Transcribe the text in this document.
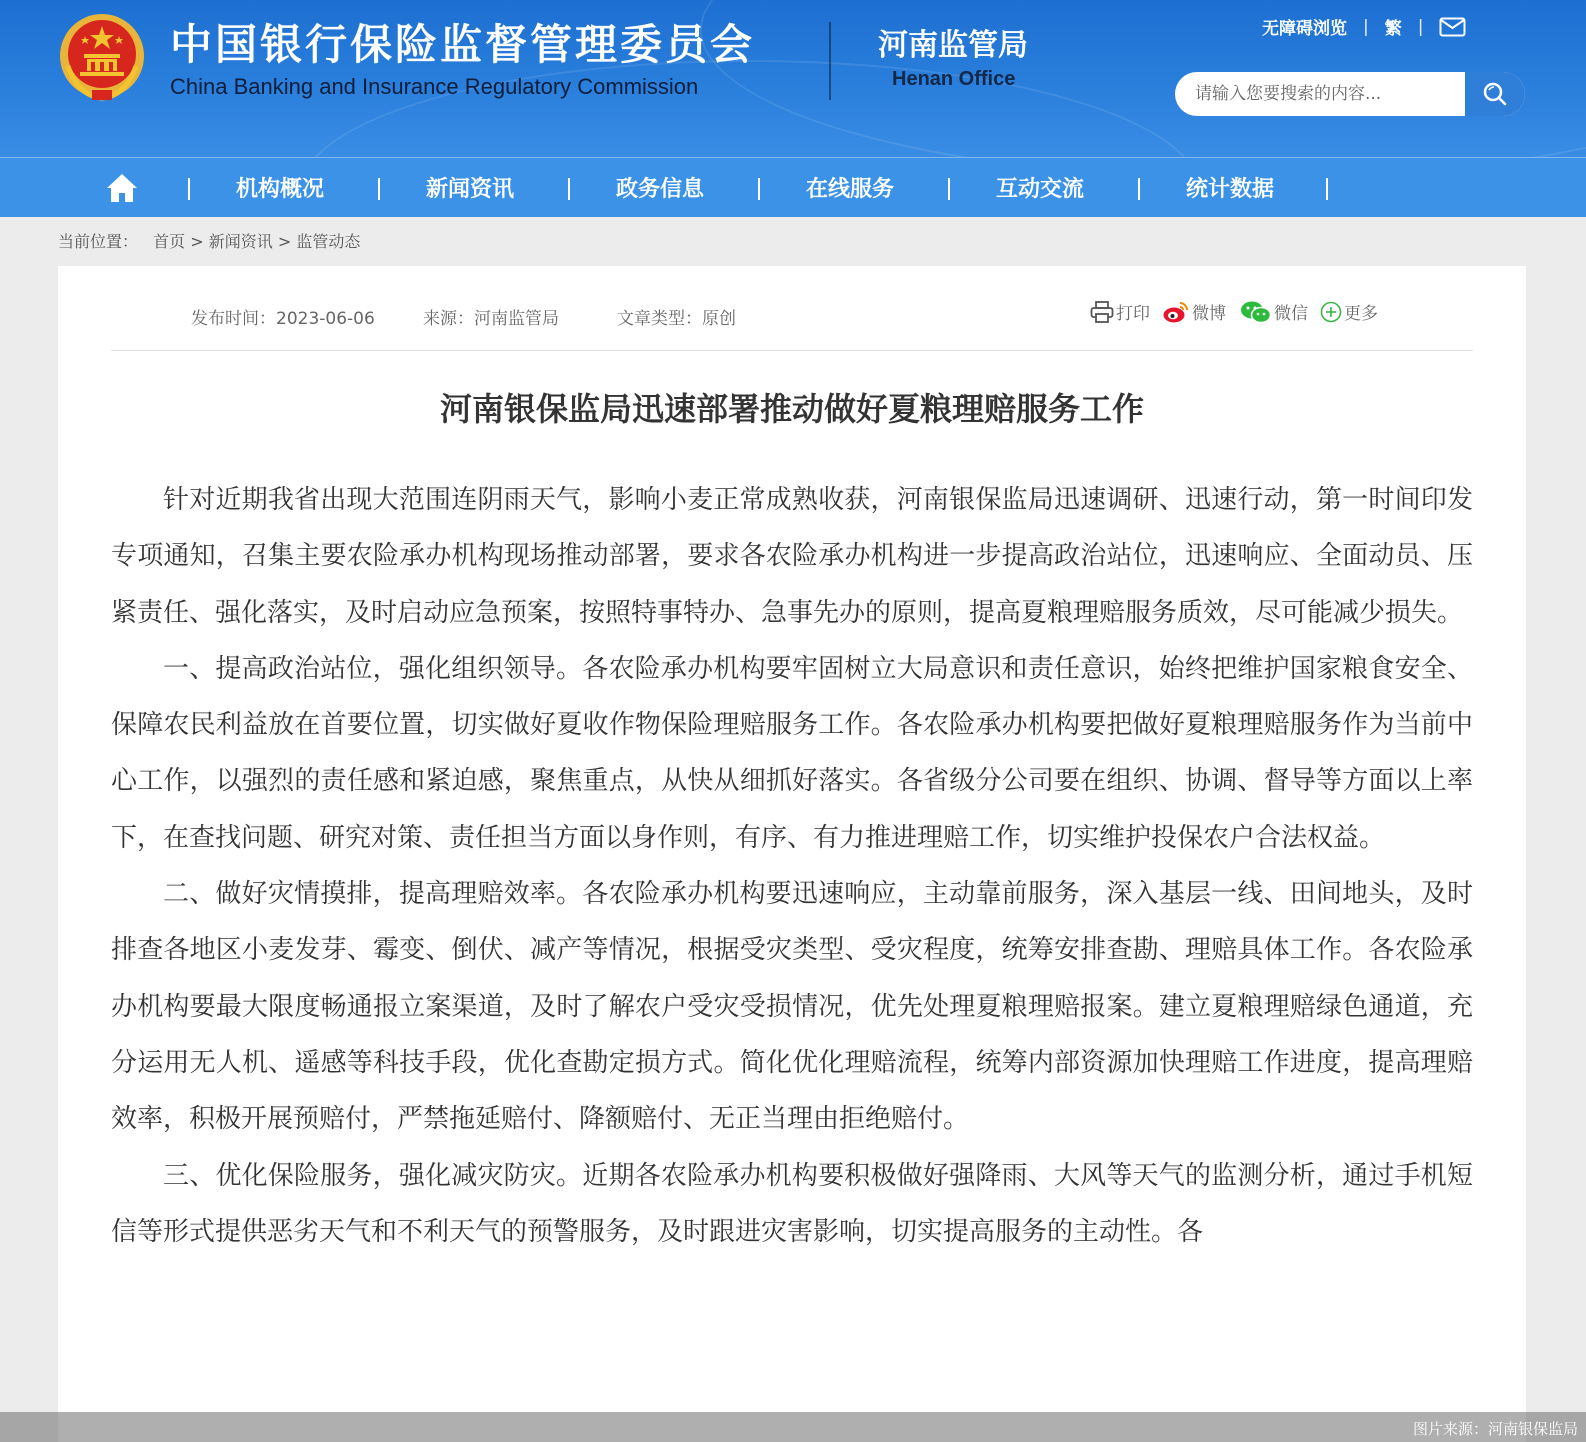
中国银行保险监督管理委员会
China Banking and Insurance Regulatory Commission
河南监管局
Henan Office
无障碍浏览 | 繁 |
请输入您要搜索的内容...
机构概况	新闻资讯	政务信息	在线服务	互动交流	统计数据
当前位置： 首页 > 新闻资讯 > 监管动态
发布时间：2023-06-06	来源：河南监管局	文章类型：原创	打印 微博	微信 更多
河南银保监局迅速部署推动做好夏粮理赔服务工作

针对近期我省出现大范围连阴雨天气，影响小麦正常成熟收获，河南银保监局迅速调研、迅速行动，第一时间印发专项通知，召集主要农险承办机构现场推动部署，要求各农险承办机构进一步提高政治站位，迅速响应、全面动员、压紧责任、强化落实，及时启动应急预案，按照特事特办、急事先办的原则，提高夏粮理赔服务质效，尽可能减少损失。

一、提高政治站位，强化组织领导。各农险承办机构要牢固树立大局意识和责任意识，始终把维护国家粮食安全、保障农民利益放在首要位置，切实做好夏收作物保险理赔服务工作。各农险承办机构要把做好夏粮理赔服务作为当前中心工作，以强烈的责任感和紧迫感，聚焦重点，从快从细抓好落实。各省级分公司要在组织、协调、督导等方面以上率下，在查找问题、研究对策、责任担当方面以身作则，有序、有力推进理赔工作，切实维护投保农户合法权益。

二、做好灾情摸排，提高理赔效率。各农险承办机构要迅速响应，主动靠前服务，深入基层一线、田间地头，及时排查各地区小麦发芽、霉变、倒伏、减产等情况，根据受灾类型、受灾程度，统筹安排查勘、理赔具体工作。各农险承办机构要最大限度畅通报立案渠道，及时了解农户受灾受损情况，优先处理夏粮理赔报案。建立夏粮理赔绿色通道，充分运用无人机、遥感等科技手段，优化查勘定损方式。简化优化理赔流程，统筹内部资源加快理赔工作进度，提高理赔效率，积极开展预赔付，严禁拖延赔付、降额赔付、无正当理由拒绝赔付。

三、优化保险服务，强化减灾防灾。近期各农险承办机构要积极做好强降雨、大风等天气的监测分析，通过手机短信等形式提供恶劣天气和不利天气的预警服务，及时跟进灾害影响，切实提高服务的主动性。各

图片来源：河南银保监局
